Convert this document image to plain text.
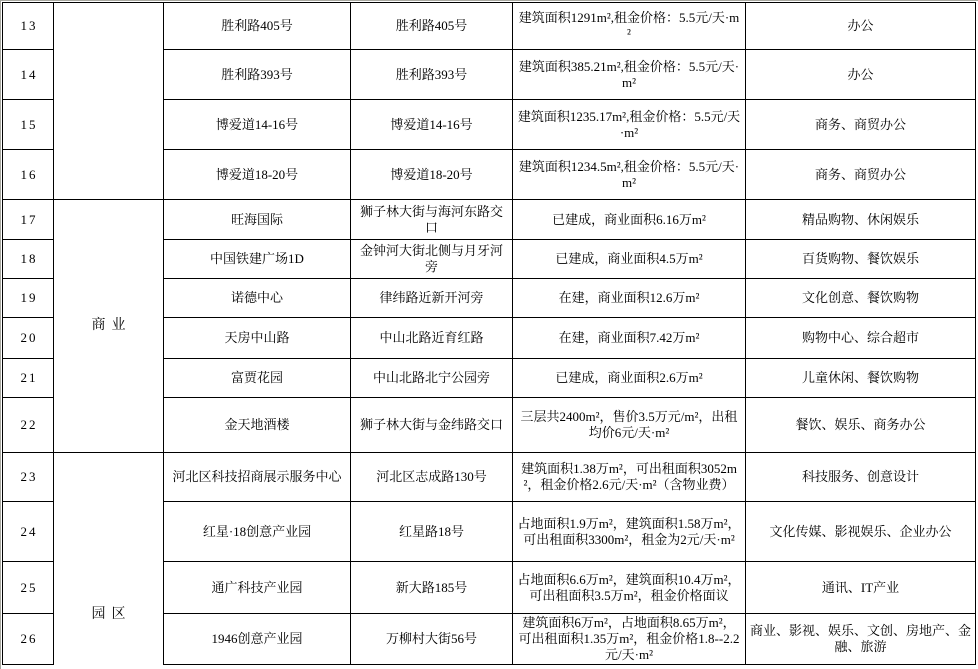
13		胜利路405号	胜利路405号	建筑面积1291m²,租金价格：5.5元/天·m²	办公
14		胜利路393号	胜利路393号	建筑面积385.21m²,租金价格：5.5元/天·m²	办公
15		博爱道14-16号	博爱道14-16号	建筑面积1235.17m²,租金价格：5.5元/天·m²	商务、商贸办公
16		博爱道18-20号	博爱道18-20号	建筑面积1234.5m²,租金价格：5.5元/天·m²	商务、商贸办公
17	商业	旺海国际	狮子林大街与海河东路交口	已建成，商业面积6.16万m²	精品购物、休闲娱乐
18		中国铁建广场1D	金钟河大街北侧与月牙河旁	已建成，商业面积4.5万m²	百货购物、餐饮娱乐
19		诺德中心	律纬路近新开河旁	在建，商业面积12.6万m²	文化创意、餐饮购物
20		天房中山路	中山北路近育红路	在建，商业面积7.42万m²	购物中心、综合超市
21		富贾花园	中山北路北宁公园旁	已建成，商业面积2.6万m²	儿童休闲、餐饮购物
22		金天地酒楼	狮子林大街与金纬路交口	三层共2400m²，售价3.5万元/m²，出租均价6元/天·m²	餐饮、娱乐、商务办公
23	园区	河北区科技招商展示服务中心	河北区志成路130号	建筑面积1.38万m²，可出租面积3052m²，租金价格2.6元/天·m²（含物业费）	科技服务、创意设计
24		红星·18创意产业园	红星路18号	占地面积1.9万m²，建筑面积1.58万m²，可出租面积3300m²，租金为2元/天·m²	文化传媒、影视娱乐、企业办公
25		通广科技产业园	新大路185号	占地面积6.6万m²，建筑面积10.4万m²，可出租面积3.5万m²，租金价格面议	通讯、IT产业
26		1946创意产业园	万柳村大街56号	建筑面积6万m²，占地面积8.65万m²，可出租面积1.35万m²，租金价格1.8--2.2元/天·m²	商业、影视、娱乐、文创、房地产、金融、旅游
